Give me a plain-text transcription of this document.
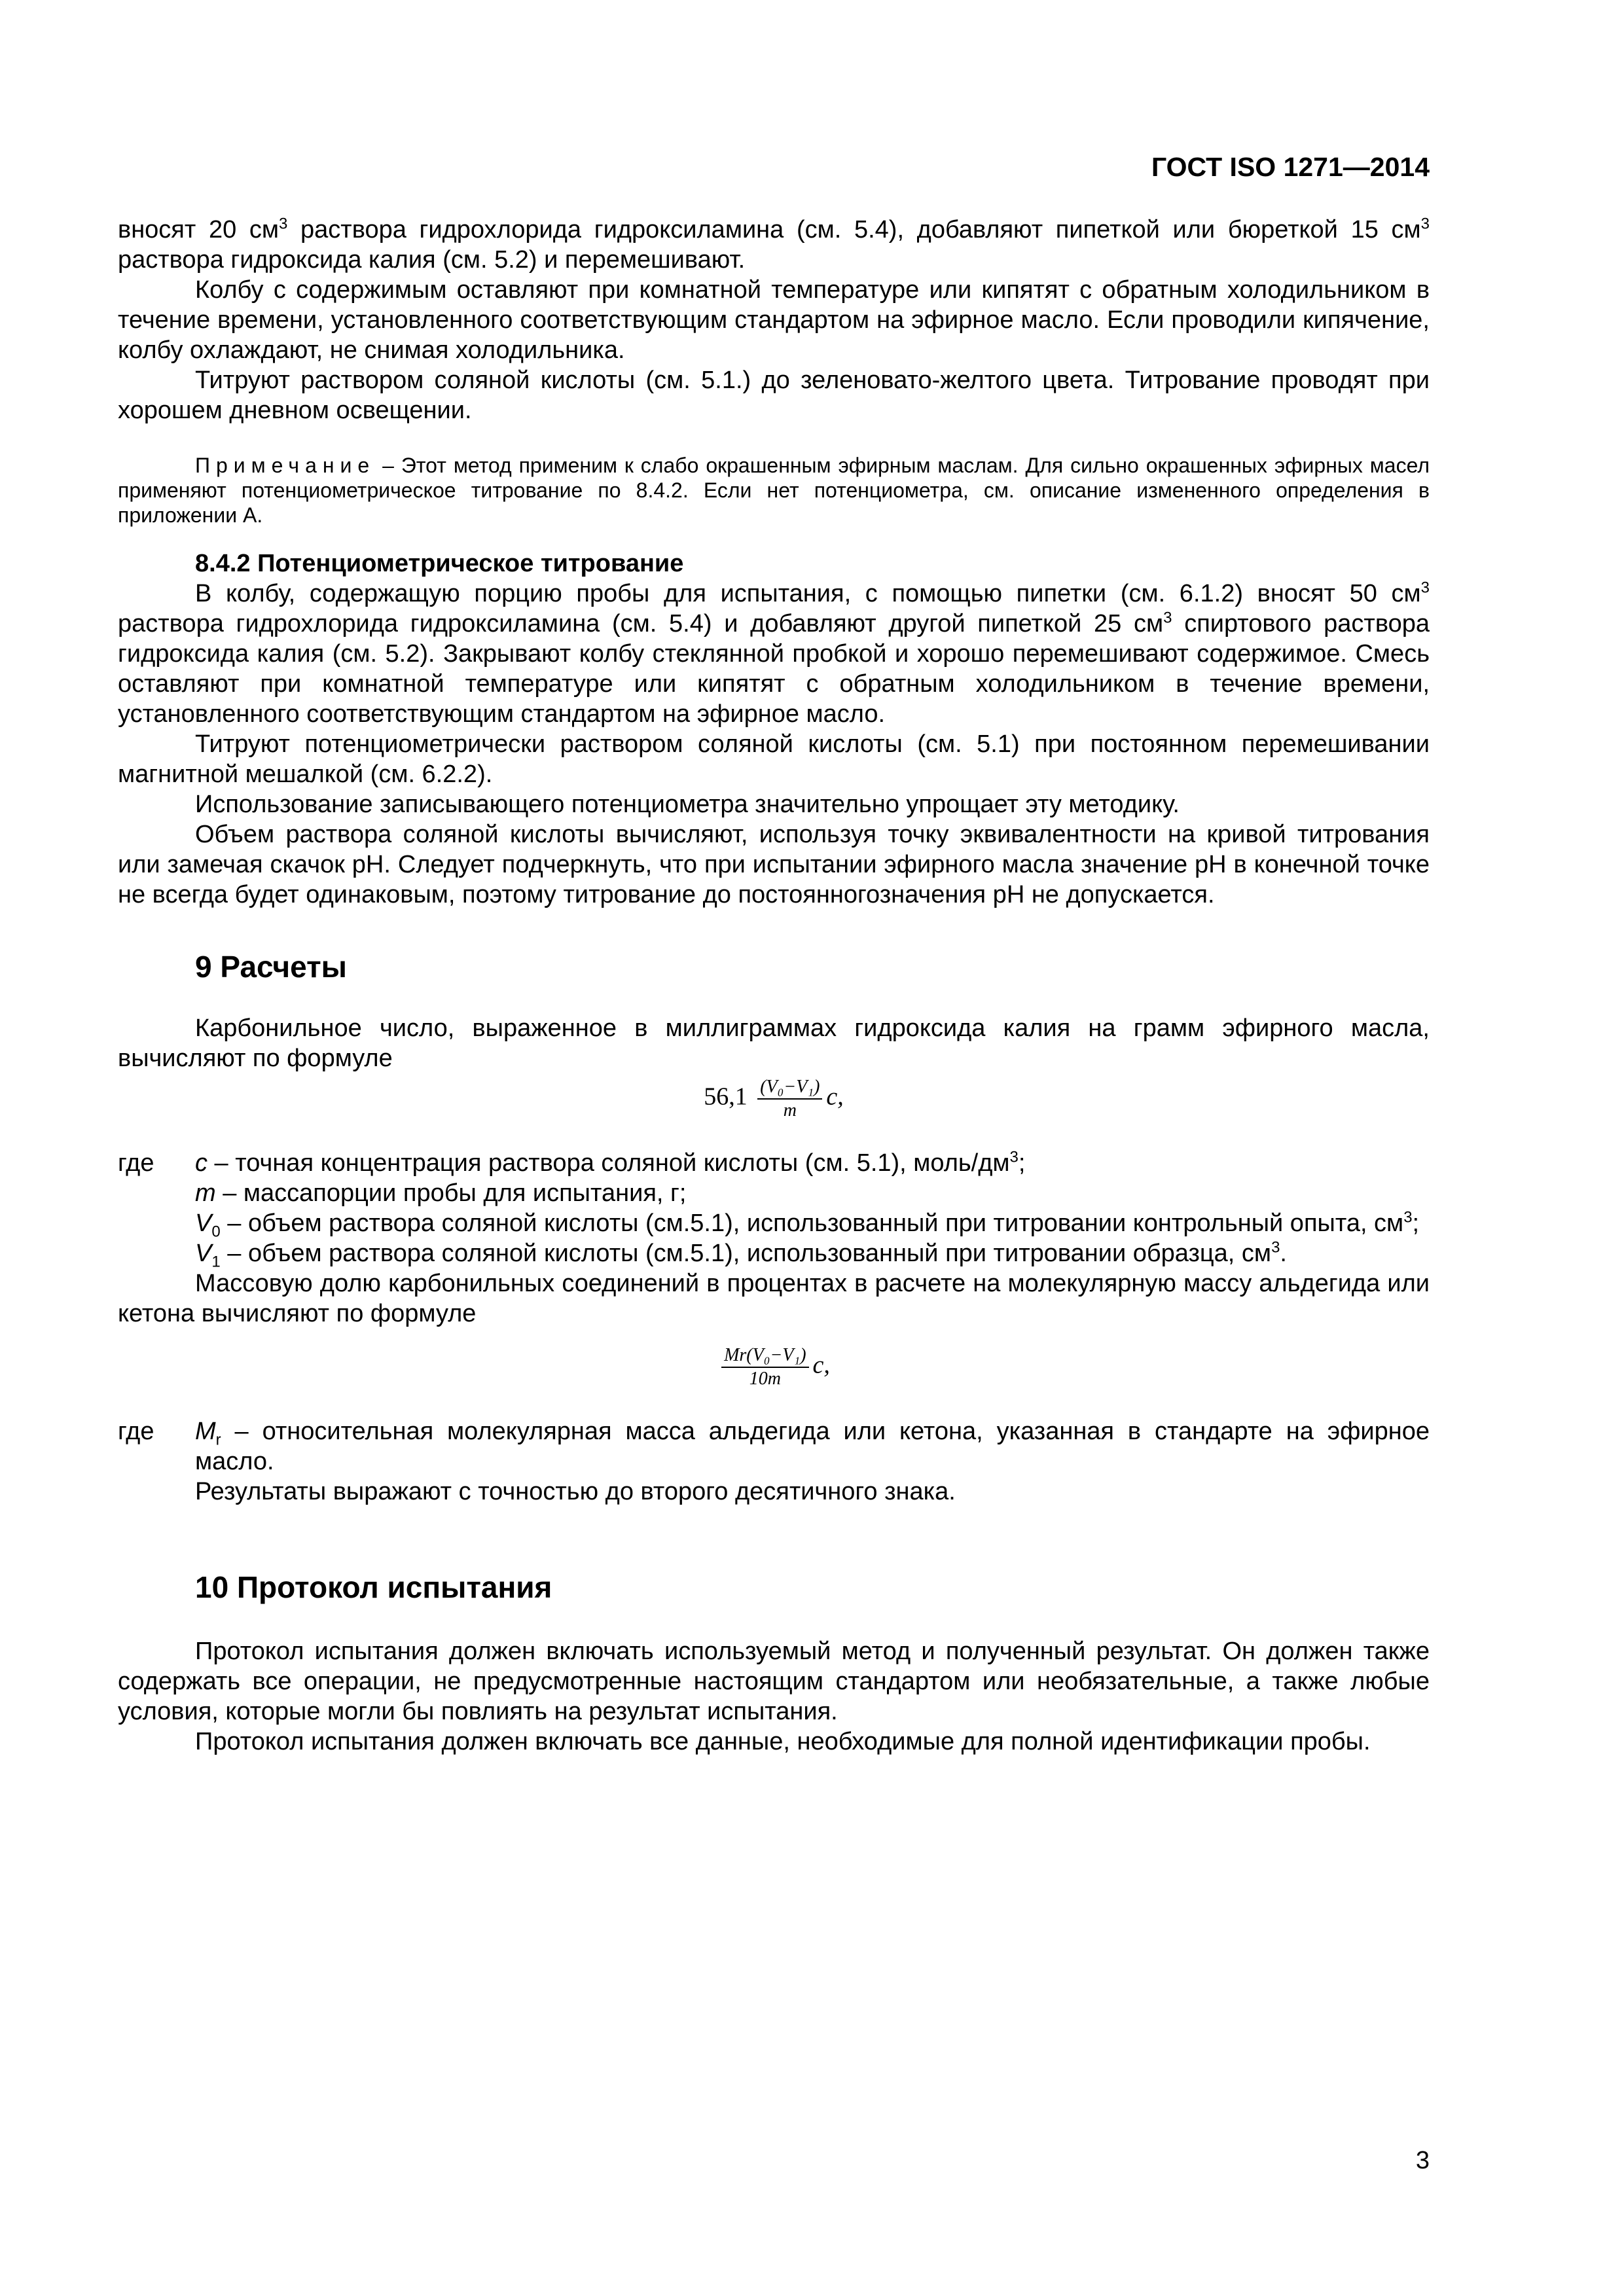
ГОСТ ISO 1271—2014

вносят 20 $см^3$ раствора гидрохлорида гидроксиламина (см. 5.4), добавляют пипеткой или бюреткой 15 $см^3$ раствора гидроксида калия (см. 5.2) и перемешивают.

Колбу с содержимым оставляют при комнатной температуре или кипятят с обратным холодильником в течение времени, установленного соответствующим стандартом на эфирное масло. Если проводили кипячение, колбу охлаждают, не снимая холодильника.

Титруют раствором соляной кислоты (см. 5.1.) до зеленовато-желтого цвета. Титрование проводят при хорошем дневном освещении.

Примечание – Этот метод применим к слабо окрашенным эфирным маслам. Для сильно окрашенных эфирных масел применяют потенциометрическое титрование по 8.4.2. Если нет потенциометра, см. описание измененного определения в приложении А.

8.4.2 Потенциометрическое титрование

В колбу, содержащую порцию пробы для испытания, с помощью пипетки (см. 6.1.2) вносят 50 $см^3$ раствора гидрохлорида гидроксиламина (см. 5.4) и добавляют другой пипеткой 25 $см^3$ спиртового раствора гидроксида калия (см. 5.2). Закрывают колбу стеклянной пробкой и хорошо перемешивают содержимое. Смесь оставляют при комнатной температуре или кипятят с обратным холодильником в течение времени, установленного соответствующим стандартом на эфирное масло.

Титруют потенциометрически раствором соляной кислоты (см. 5.1) при постоянном перемешивании магнитной мешалкой (см. 6.2.2).

Использование записывающего потенциометра значительно упрощает эту методику.

Объем раствора соляной кислоты вычисляют, используя точку эквивалентности на кривой титрования или замечая скачок pH. Следует подчеркнуть, что при испытании эфирного масла значение pH в конечной точке не всегда будет одинаковым, поэтому титрование до постоянногозначения pH не допускается.

9 Расчеты

Карбонильное число, выраженное в миллиграммах гидроксида калия на грамм эфирного масла, вычисляют по формуле

$56,1 \frac{\text{(V₀−V₁)}}{m} c$,
где c – точная концентрация раствора соляной кислоты (см. 5.1), моль/$дм^3$;

m – массапорции пробы для испытания, г;

$V_0$ – объем раствора соляной кислоты (см.5.1), использованный при титровании контрольный опыта, $см^3$;

$V_1$ – объем раствора соляной кислоты (см.5.1), использованный при титровании образца, $см^3$.

Массовую долю карбонильных соединений в процентах в расчете на молекулярную массу альдегида или кетона вычисляют по формуле

$\frac{\text{Mr(V₀−V₁)}}{10m} c$,
где $M_r$ – относительная молекулярная масса альдегида или кетона, указанная в стандарте на эфирное масло.

Результаты выражают с точностью до второго десятичного знака.

10 Протокол испытания

Протокол испытания должен включать используемый метод и полученный результат. Он должен также содержать все операции, не предусмотренные настоящим стандартом или необязательные, а также любые условия, которые могли бы повлиять на результат испытания.

Протокол испытания должен включать все данные, необходимые для полной идентификации пробы.

3
